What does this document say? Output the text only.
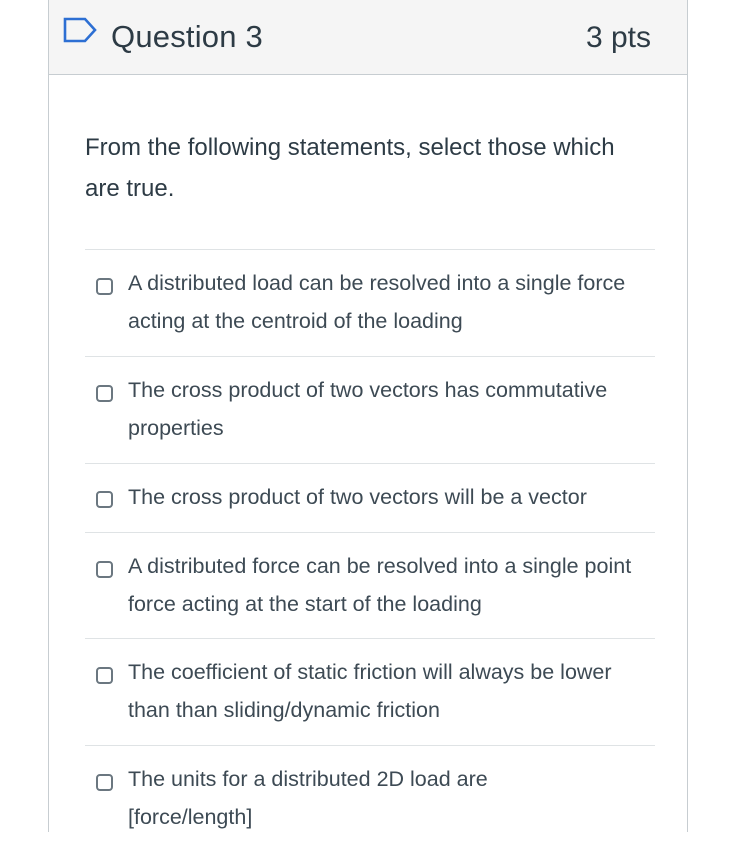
Question 3	3 pts
From the following statements, select those which are true.
A distributed load can be resolved into a single force acting at the centroid of the loading
The cross product of two vectors has commutative properties
The cross product of two vectors will be a vector
A distributed force can be resolved into a single point force acting at the start of the loading
The coefficient of static friction will always be lower than than sliding/dynamic friction
The units for a distributed 2D load are [force/length]
